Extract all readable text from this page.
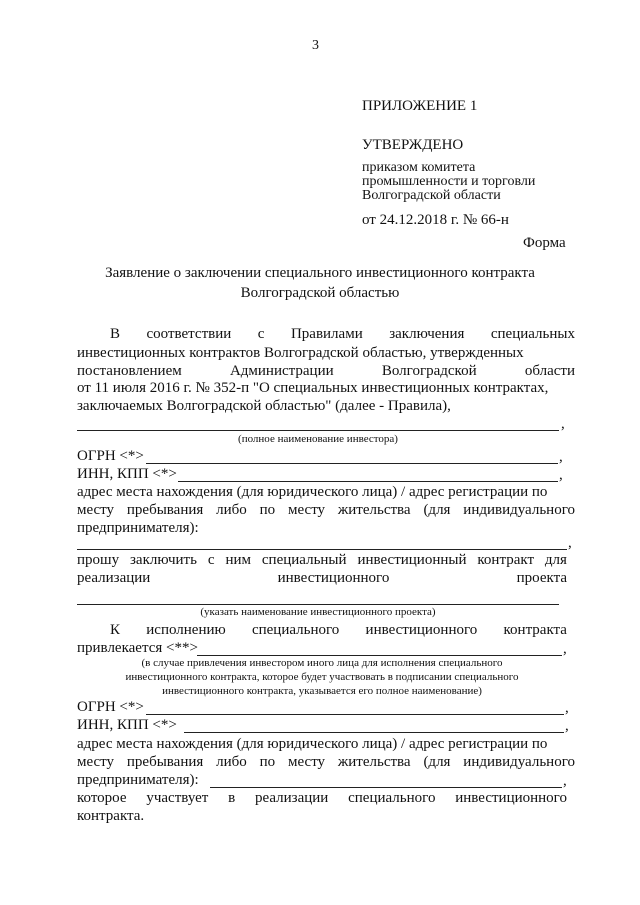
3
ПРИЛОЖЕНИЕ 1
УТВЕРЖДЕНО
приказом комитета
промышленности и торговли
Волгоградской области
от 24.12.2018 г. № 66-н
Форма
Заявление о заключении специального инвестиционного контракта
Волгоградской областью
В соответствии с Правилами заключения специальных
инвестиционных контрактов Волгоградской областью, утвержденных
постановлением	Администрации	Волгоградской	области
от 11 июля 2016 г. № 352-п "О специальных инвестиционных контрактах,
заключаемых Волгоградской областью" (далее - Правила),
,
(полное наименование инвестора)
ОГРН <*>	,
ИНН, КПП <*>	,
адрес места нахождения (для юридического лица) / адрес регистрации по
месту пребывания либо по месту жительства (для индивидуального
предпринимателя):
,
прошу заключить с ним специальный инвестиционный контракт для
реализации	инвестиционного	проекта
(указать наименование инвестиционного проекта)
К исполнению специального инвестиционного контракта
привлекается <**>	,
(в случае привлечения инвестором иного лица для исполнения специального
инвестиционного контракта, которое будет участвовать в подписании специального
инвестиционного контракта, указывается его полное наименование)
ОГРН <*>	,
ИНН, КПП <*>	,
адрес места нахождения (для юридического лица) / адрес регистрации по
месту пребывания либо по месту жительства (для индивидуального
предпринимателя):	,
которое участвует в реализации специального инвестиционного
контракта.
